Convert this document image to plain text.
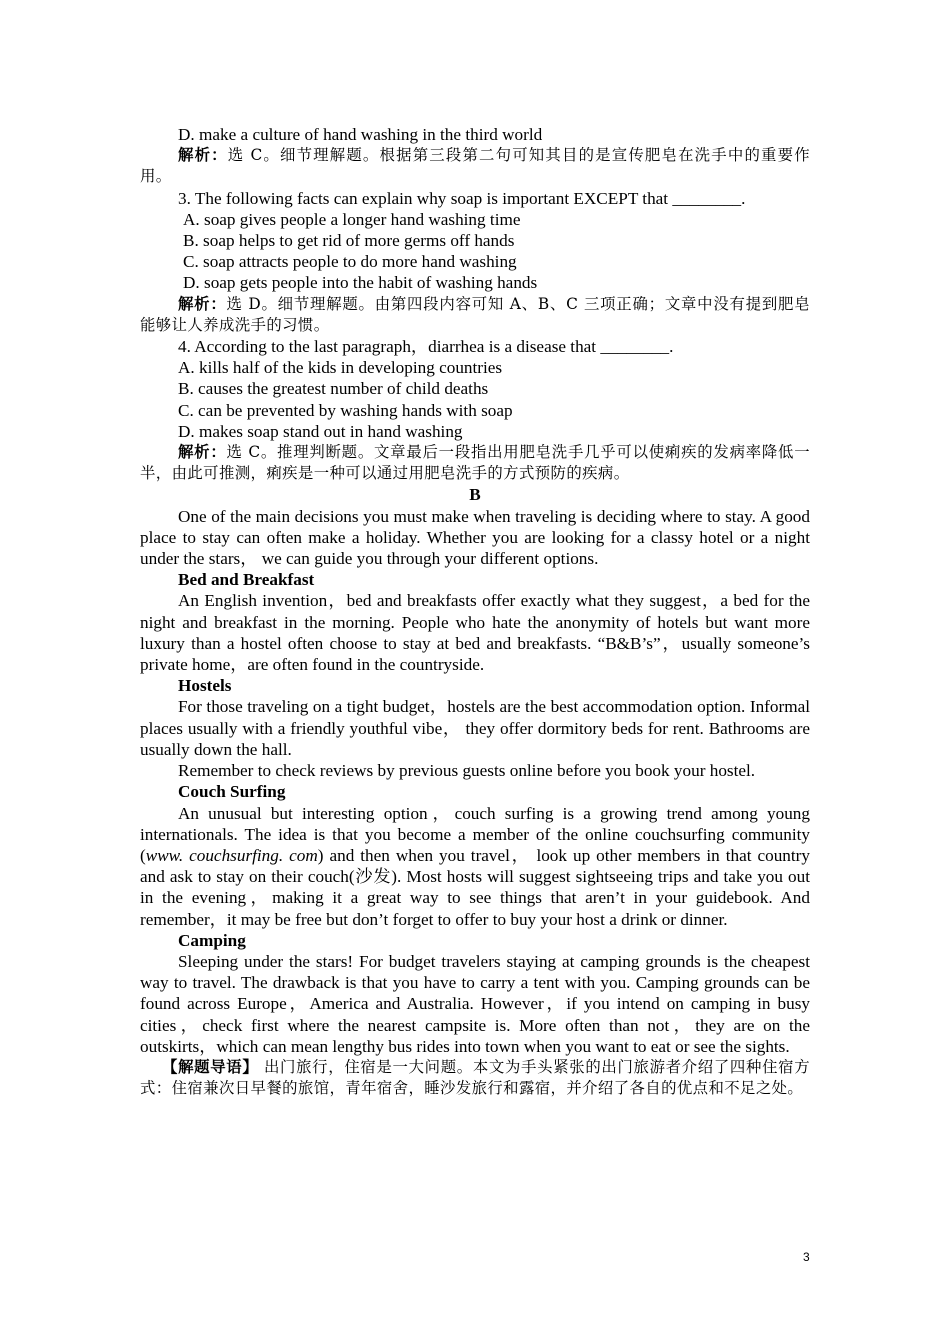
D. make a culture of hand washing in the third world

解析：选 C。细节理解题。根据第三段第二句可知其目的是宣传肥皂在洗手中的重要作用。

3. The following facts can explain why soap is important EXCEPT that ________.

A. soap gives people a longer hand washing time

B. soap helps to get rid of more germs off hands

C. soap attracts people to do more hand washing

D. soap gets people into the habit of washing hands

解析：选 D。细节理解题。由第四段内容可知 A、B、C 三项正确；文章中没有提到肥皂能够让人养成洗手的习惯。

4. According to the last paragraph，diarrhea is a disease that ________.

A. kills half of the kids in developing countries

B. causes the greatest number of child deaths

C. can be prevented by washing hands with soap

D. makes soap stand out in hand washing

解析：选 C。推理判断题。文章最后一段指出用肥皂洗手几乎可以使痢疾的发病率降低一半，由此可推测，痢疾是一种可以通过用肥皂洗手的方式预防的疾病。

B

One of the main decisions you must make when traveling is deciding where to stay. A good place to stay can often make a holiday. Whether you are looking for a classy hotel or a night under the stars， we can guide you through your different options.

Bed and Breakfast

An English invention，bed and breakfasts offer exactly what they suggest，a bed for the night and breakfast in the morning. People who hate the anonymity of hotels but want more luxury than a hostel often choose to stay at bed and breakfasts. “B&B’s”，usually someone’s private home，are often found in the countryside.

Hostels

For those traveling on a tight budget，hostels are the best accommodation option. Informal places usually with a friendly youthful vibe， they offer dormitory beds for rent. Bathrooms are usually down the hall.

Remember to check reviews by previous guests online before you book your hostel.

Couch Surfing

An unusual but interesting option，couch surfing is a growing trend among young internationals. The idea is that you become a member of the online couchsurfing community (www. couchsurfing. com) and then when you travel， look up other members in that country and ask to stay on their couch(沙发). Most hosts will suggest sightseeing trips and take you out in the evening，making it a great way to see things that aren’t in your guidebook. And remember，it may be free but don’t forget to offer to buy your host a drink or dinner.

Camping

Sleeping under the stars! For budget travelers staying at camping grounds is the cheapest way to travel. The drawback is that you have to carry a tent with you. Camping grounds can be found across Europe，America and Australia. However，if you intend on camping in busy cities，check first where the nearest campsite is. More often than not，they are on the outskirts，which can mean lengthy bus rides into town when you want to eat or see the sights.

【解题导语】 出门旅行，住宿是一大问题。本文为手头紧张的出门旅游者介绍了四种住宿方式：住宿兼次日早餐的旅馆，青年宿舍，睡沙发旅行和露宿，并介绍了各自的优点和不足之处。

3
